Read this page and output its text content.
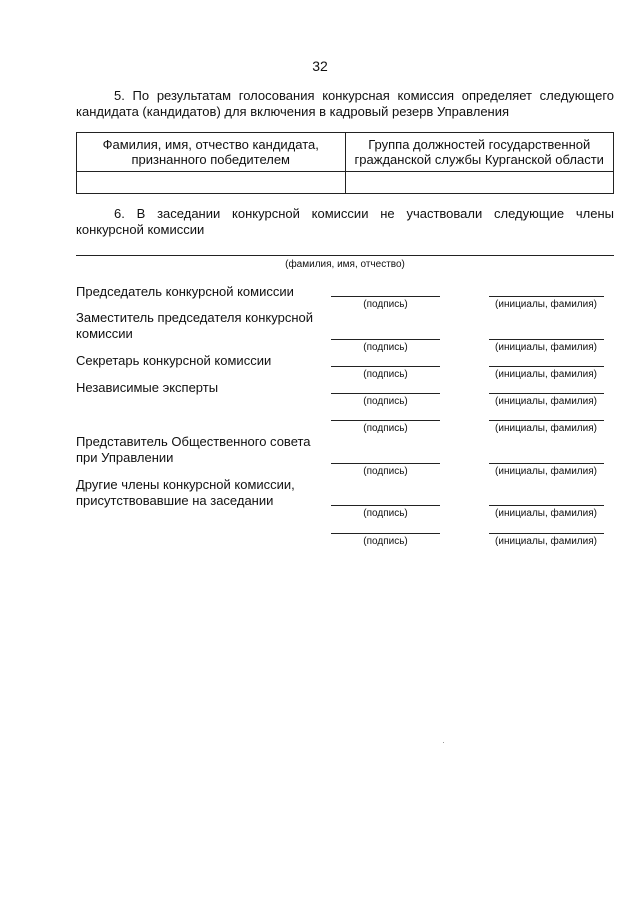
32
5. По результатам голосования конкурсная комиссия определяет следующего кандидата (кандидатов) для включения в кадровый резерв Управления
Фамилия, имя, отчество кандидата, признанного победителем	Группа должностей государственной гражданской службы Курганской области

6. В заседании конкурсной комиссии не участвовали следующие члены конкурсной комиссии
(фамилия, имя, отчество)
Председатель конкурсной комиссии
(подпись)	(инициалы, фамилия)
Заместитель председателя конкурсной комиссии
(подпись)	(инициалы, фамилия)
Секретарь конкурсной комиссии
(подпись)	(инициалы, фамилия)
Независимые эксперты
(подпись)	(инициалы, фамилия)
(подпись)	(инициалы, фамилия)
Представитель Общественного совета при Управлении
(подпись)	(инициалы, фамилия)
Другие члены конкурсной комиссии, присутствовавшие на заседании
(подпись)	(инициалы, фамилия)
(подпись)	(инициалы, фамилия)
